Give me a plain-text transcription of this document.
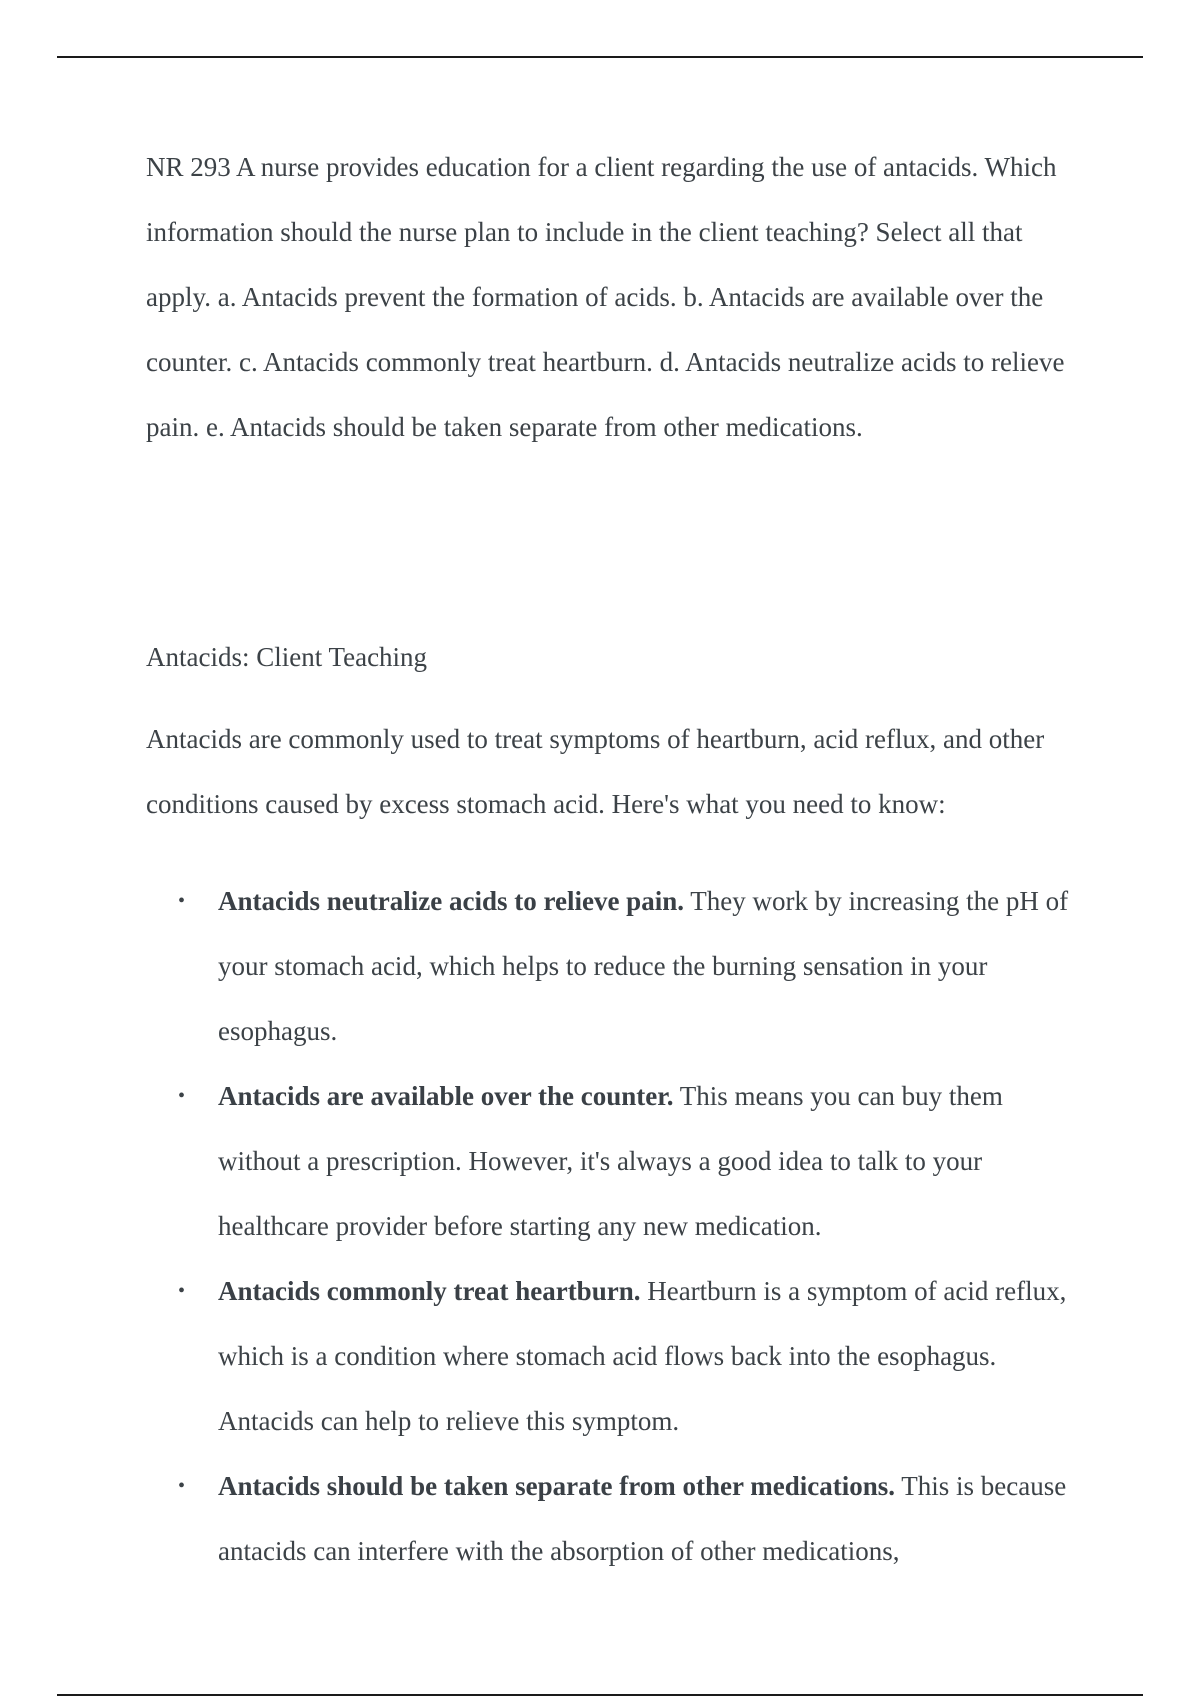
NR 293 A nurse provides education for a client regarding the use of antacids. Which information should the nurse plan to include in the client teaching? Select all that apply. a. Antacids prevent the formation of acids. b. Antacids are available over the counter. c. Antacids commonly treat heartburn. d. Antacids neutralize acids to relieve pain. e. Antacids should be taken separate from other medications.

Antacids: Client Teaching

Antacids are commonly used to treat symptoms of heartburn, acid reflux, and other conditions caused by excess stomach acid. Here's what you need to know:

• Antacids neutralize acids to relieve pain. They work by increasing the pH of your stomach acid, which helps to reduce the burning sensation in your esophagus.
• Antacids are available over the counter. This means you can buy them without a prescription. However, it's always a good idea to talk to your healthcare provider before starting any new medication.
• Antacids commonly treat heartburn. Heartburn is a symptom of acid reflux, which is a condition where stomach acid flows back into the esophagus. Antacids can help to relieve this symptom.
• Antacids should be taken separate from other medications. This is because antacids can interfere with the absorption of other medications,
